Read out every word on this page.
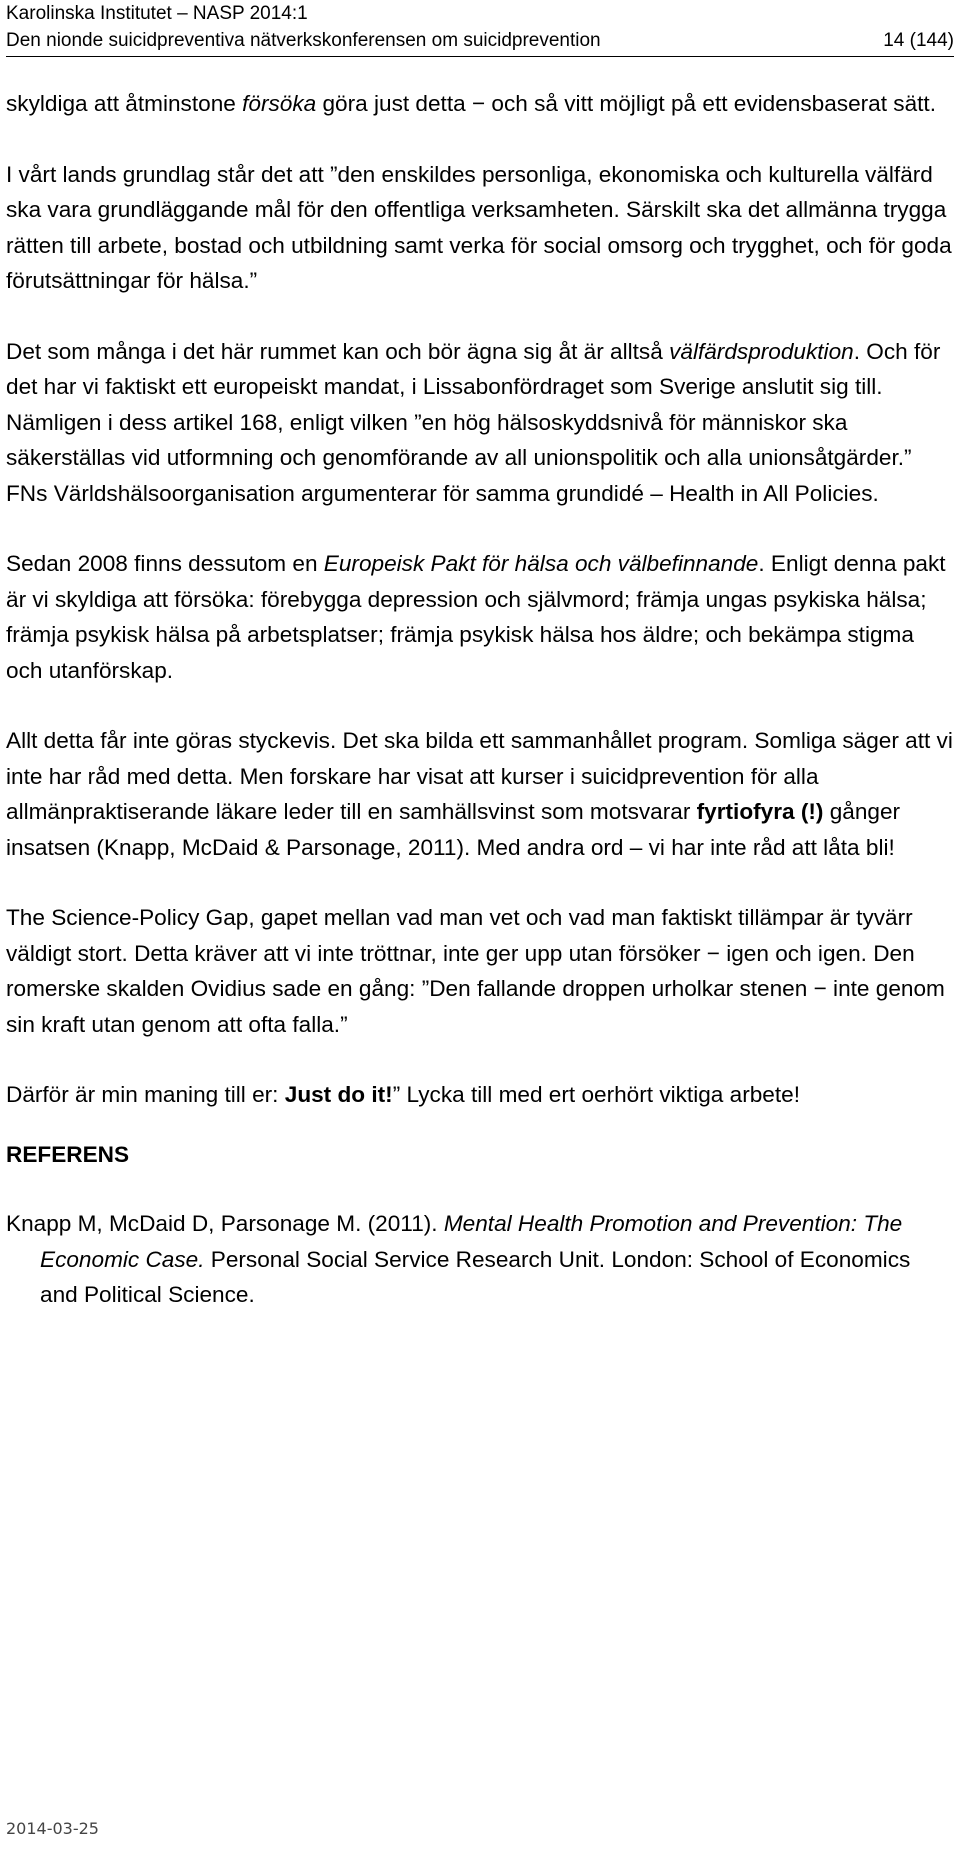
Karolinska Institutet – NASP 2014:1
Den nionde suicidpreventiva nätverkskonferensen om suicidprevention	14 (144)

skyldiga att åtminstone försöka göra just detta − och så vitt möjligt på ett evidensbaserat sätt.

I vårt lands grundlag står det att ”den enskildes personliga, ekonomiska och kulturella välfärd ska vara grundläggande mål för den offentliga verksamheten. Särskilt ska det allmänna trygga rätten till arbete, bostad och utbildning samt verka för social omsorg och trygghet, och för goda förutsättningar för hälsa.”

Det som många i det här rummet kan och bör ägna sig åt är alltså välfärdsproduktion. Och för det har vi faktiskt ett europeiskt mandat, i Lissabonfördraget som Sverige anslutit sig till. Nämligen i dess artikel 168, enligt vilken ”en hög hälsoskyddsnivå för människor ska säkerställas vid utformning och genomförande av all unionspolitik och alla unionsåtgärder.” FNs Världshälsoorganisation argumenterar för samma grundidé – Health in All Policies.

Sedan 2008 finns dessutom en Europeisk Pakt för hälsa och välbefinnande. Enligt denna pakt är vi skyldiga att försöka: förebygga depression och självmord; främja ungas psykiska hälsa; främja psykisk hälsa på arbetsplatser; främja psykisk hälsa hos äldre; och bekämpa stigma och utanförskap.

Allt detta får inte göras styckevis. Det ska bilda ett sammanhållet program. Somliga säger att vi inte har råd med detta. Men forskare har visat att kurser i suicidprevention för alla allmänpraktiserande läkare leder till en samhällsvinst som motsvarar fyrtiofyra (!) gånger insatsen (Knapp, McDaid & Parsonage, 2011). Med andra ord – vi har inte råd att låta bli!

The Science-Policy Gap, gapet mellan vad man vet och vad man faktiskt tillämpar är tyvärr väldigt stort. Detta kräver att vi inte tröttnar, inte ger upp utan försöker − igen och igen. Den romerske skalden Ovidius sade en gång: ”Den fallande droppen urholkar stenen − inte genom sin kraft utan genom att ofta falla.”

Därför är min maning till er: Just do it!” Lycka till med ert oerhört viktiga arbete!

REFERENS

Knapp M, McDaid D, Parsonage M. (2011). Mental Health Promotion and Prevention: The Economic Case. Personal Social Service Research Unit. London: School of Economics and Political Science.

2014-03-25
